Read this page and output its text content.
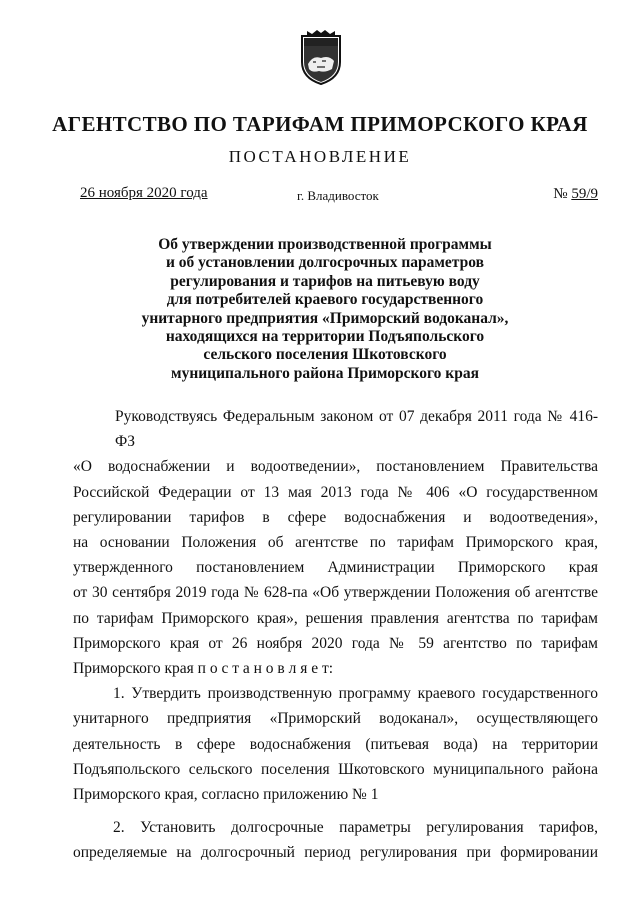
АГЕНТСТВО ПО ТАРИФАМ ПРИМОРСКОГО КРАЯ
ПОСТАНОВЛЕНИЕ
26 ноября 2020 года	г. Владивосток	№ 59/9
Об утверждении производственной программы
и об установлении долгосрочных параметров
регулирования и тарифов на питьевую воду
для потребителей краевого государственного
унитарного предприятия «Приморский водоканал»,
находящихся на территории Подъяпольского
сельского поселения Шкотовского
муниципального района Приморского края
Руководствуясь Федеральным законом от 07 декабря 2011 года № 416-ФЗ
«О водоснабжении и водоотведении», постановлением Правительства
Российской Федерации от 13 мая 2013 года № 406 «О государственном
регулировании тарифов в сфере водоснабжения и водоотведения»,
на основании Положения об агентстве по тарифам Приморского края,
утвержденного постановлением Администрации Приморского края
от 30 сентября 2019 года № 628-па «Об утверждении Положения об агентстве
по тарифам Приморского края», решения правления агентства по тарифам
Приморского края от 26 ноября 2020 года № 59 агентство по тарифам
Приморского края п о с т а н о в л я е т:
1. Утвердить производственную программу краевого государственного
унитарного предприятия «Приморский водоканал», осуществляющего
деятельность в сфере водоснабжения (питьевая вода) на территории
Подъяпольского сельского поселения Шкотовского муниципального района
Приморского края, согласно приложению № 1
2. Установить долгосрочные параметры регулирования тарифов,
определяемые на долгосрочный период регулирования при формировании
